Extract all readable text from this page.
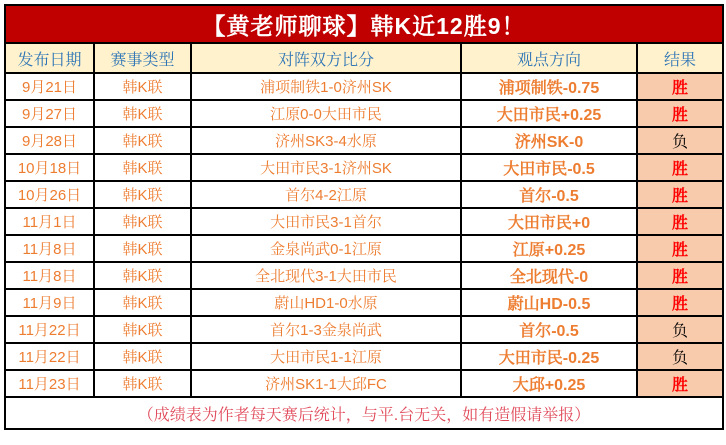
【黄老师聊球】韩K近12胜9！				
发布日期	赛事类型	对阵双方比分	观点方向	结果
9月21日	韩K联	浦项制铁1-0济州SK	浦项制铁-0.75	胜
9月27日	韩K联	江原0-0大田市民	大田市民+0.25	胜
9月28日	韩K联	济州SK3-4水原	济州SK-0	负
10月18日	韩K联	大田市民3-1济州SK	大田市民-0.5	胜
10月26日	韩K联	首尔4-2江原	首尔-0.5	胜
11月1日	韩K联	大田市民3-1首尔	大田市民+0	胜
11月8日	韩K联	金泉尚武0-1江原	江原+0.25	胜
11月8日	韩K联	全北现代3-1大田市民	全北现代-0	胜
11月9日	韩K联	蔚山HD1-0水原	蔚山HD-0.5	胜
11月22日	韩K联	首尔1-3金泉尚武	首尔-0.5	负
11月22日	韩K联	大田市民1-1江原	大田市民-0.25	负
11月23日	韩K联	济州SK1-1大邱FC	大邱+0.25	胜
（成绩表为作者每天赛后统计，与平.台无关，如有造假请举报）				
